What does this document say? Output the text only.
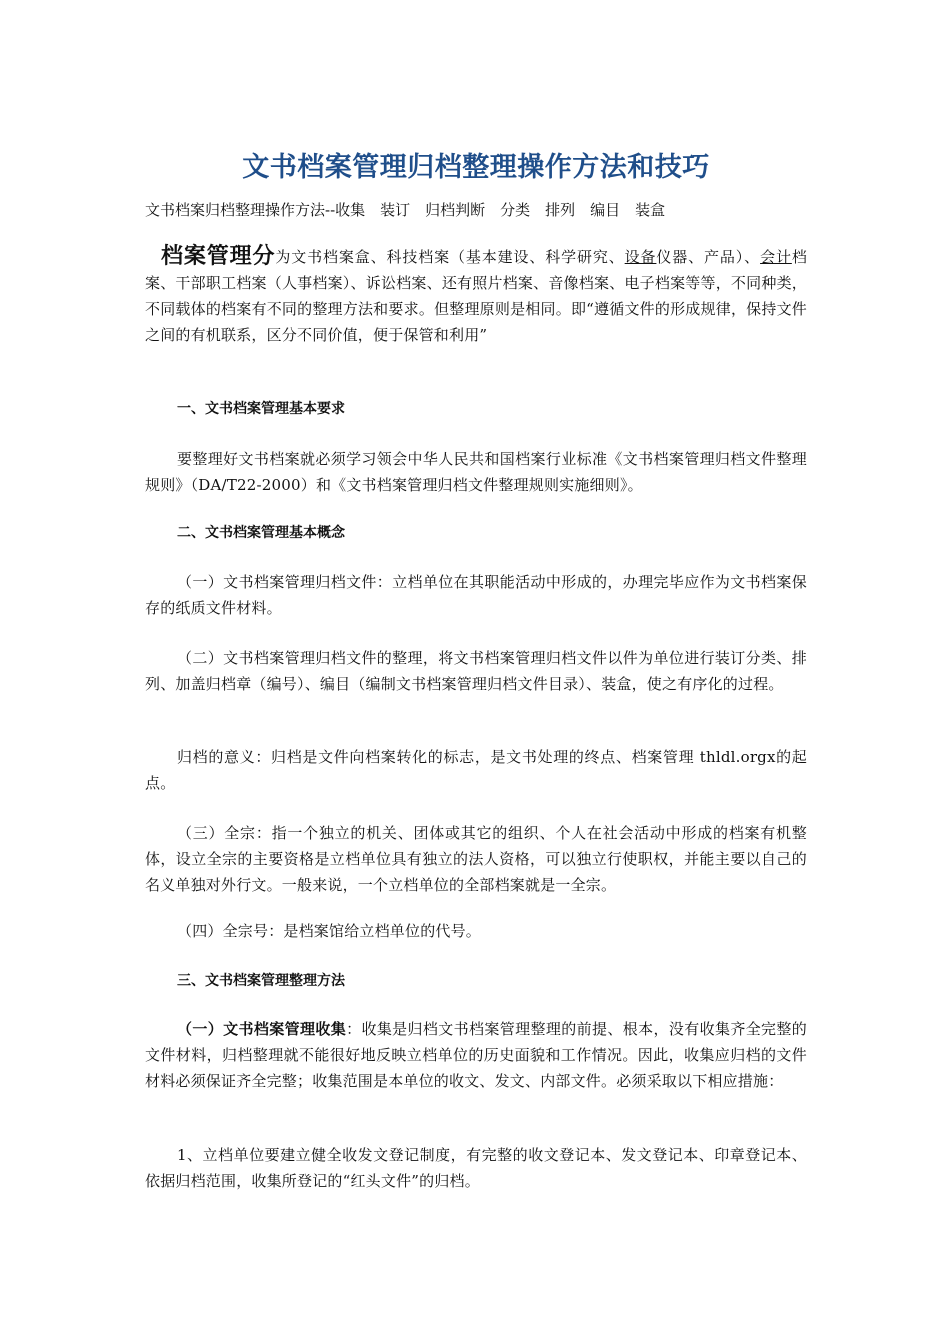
文书档案管理归档整理操作方法和技巧
文书档案归档整理操作方法--收集　装订　归档判断　分类　排列　编目　装盒
档案管理分为文书档案盒、科技档案（基本建设、科学研究、设备仪器、产品）、会计档案、干部职工档案（人事档案）、诉讼档案、还有照片档案、音像档案、电子档案等等，不同种类，不同载体的档案有不同的整理方法和要求。但整理原则是相同。即“遵循文件的形成规律，保持文件之间的有机联系，区分不同价值，便于保管和利用”
一、文书档案管理基本要求
要整理好文书档案就必须学习领会中华人民共和国档案行业标准《文书档案管理归档文件整理规则》（DA/T22-2000）和《文书档案管理归档文件整理规则实施细则》。
二、文书档案管理基本概念
（一）文书档案管理归档文件：立档单位在其职能活动中形成的，办理完毕应作为文书档案保存的纸质文件材料。
（二）文书档案管理归档文件的整理，将文书档案管理归档文件以件为单位进行装订分类、排列、加盖归档章（编号）、编目（编制文书档案管理归档文件目录）、装盒，使之有序化的过程。
归档的意义：归档是文件向档案转化的标志，是文书处理的终点、档案管理 thldl.orgx的起点。
（三）全宗：指一个独立的机关、团体或其它的组织、个人在社会活动中形成的档案有机整体，设立全宗的主要资格是立档单位具有独立的法人资格，可以独立行使职权，并能主要以自己的名义单独对外行文。一般来说，一个立档单位的全部档案就是一全宗。
（四）全宗号：是档案馆给立档单位的代号。
三、文书档案管理整理方法
（一）文书档案管理收集：收集是归档文书档案管理整理的前提、根本，没有收集齐全完整的文件材料，归档整理就不能很好地反映立档单位的历史面貌和工作情况。因此，收集应归档的文件材料必须保证齐全完整；收集范围是本单位的收文、发文、内部文件。必须采取以下相应措施：
1、立档单位要建立健全收发文登记制度，有完整的收文登记本、发文登记本、印章登记本、依据归档范围，收集所登记的“红头文件”的归档。
